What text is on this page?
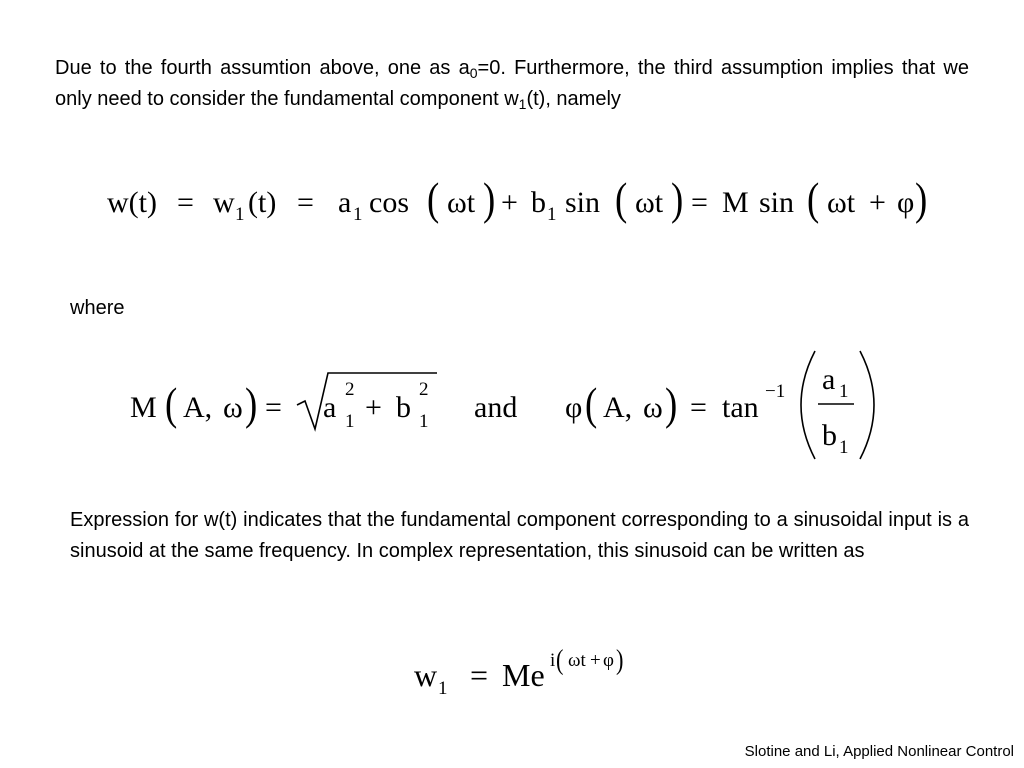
Due to the fourth assumtion above, one as $a_0=0$. Furthermore, the third assumption implies that we only need to consider the fundamental component $w_1(t)$, namely

w(t) = w 1 (t) = a 1 cos ( ωt ) + b 1 sin ( ωt ) = M sin ( ωt + φ )
where
M ( A, ω ) = a
2
1 + b
2
1 and φ ( A, ω ) = tan −1 a 1
b 1

Expression for w(t) indicates that the fundamental component corresponding to a sinusoidal input is a sinusoid at the same frequency. In complex representation, this sinusoid can be written as

w 1 = Me i ( ωt + φ )
Slotine and Li, Applied Nonlinear Control
